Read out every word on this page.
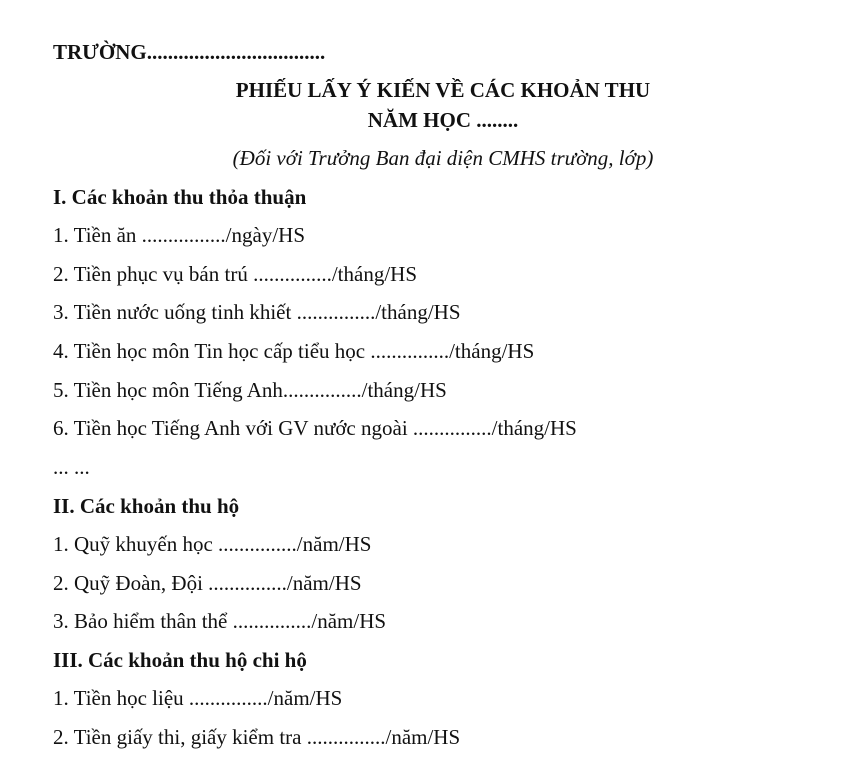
TRƯỜNG..................................
PHIẾU LẤY Ý KIẾN VỀ CÁC KHOẢN THU
NĂM HỌC ........
(Đối với Trưởng Ban đại diện CMHS trường, lớp)
I. Các khoản thu thỏa thuận
1. Tiền ăn ................/ngày/HS
2. Tiền phục vụ bán trú .............../tháng/HS
3. Tiền nước uống tinh khiết .............../tháng/HS
4. Tiền học môn Tin học cấp tiểu học .............../tháng/HS
5. Tiền học môn Tiếng Anh.............../tháng/HS
6. Tiền học Tiếng Anh với GV nước ngoài .............../tháng/HS
... ...
II. Các khoản thu hộ
1. Quỹ khuyến học .............../năm/HS
2. Quỹ Đoàn, Đội .............../năm/HS
3. Bảo hiểm thân thể .............../năm/HS
III. Các khoản thu hộ chi hộ
1. Tiền học liệu .............../năm/HS
2. Tiền giấy thi, giấy kiểm tra .............../năm/HS
